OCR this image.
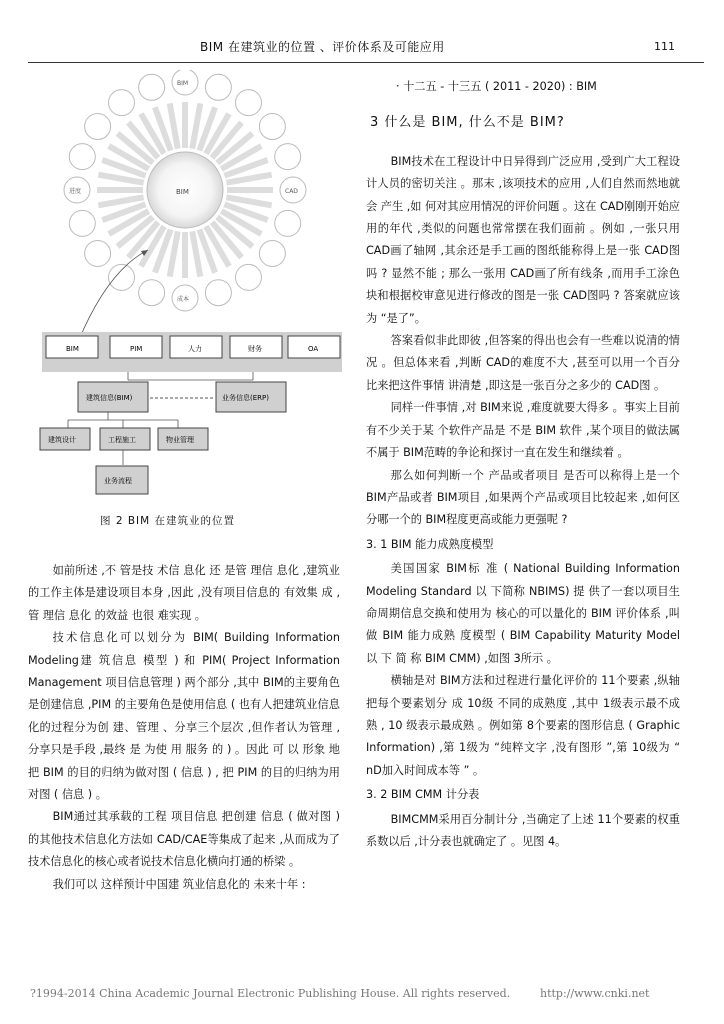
BIM 在建筑业的位置 、评价体系及可能应用	111
BIM
BIM
CAD
成本
进度
BIM	PIM	人力	财务	OA
建筑信息(BIM)	业务信息(ERP)
建筑设计	工程施工	物业管理
业务流程
图 2 BIM 在建筑业的位置

如前所述 ,不 管是技 术信 息化 还 是管 理信 息化 ,建筑业的工作主体是建设项目本身 ,因此 ,没有项目信息的 有效集 成 ,管 理信 息化 的效益 也很 难实现 。

技术信息化可以划分为 BIM( Building Information Modeling建 筑信息 模型 ) 和 PIM( Project Information Management 项目信息管理 ) 两个部分 ,其中 BIM的主要角色是创建信息 ,PIM 的主要角色是使用信息 ( 也有人把建筑业信息化的过程分为创 建、管理 、分享三个层次 ,但作者认为管理 ,分享只是手段 ,最终 是 为使 用 服务 的 ) 。因此 可 以 形象 地 把 BIM 的目的归纳为做对图 ( 信息 ) , 把 PIM 的目的归纳为用对图 ( 信息 ) 。

BIM通过其承载的工程 项目信息 把创建 信息 ( 做对图 ) 的其他技术信息化方法如 CAD/CAE等集成了起来 ,从而成为了技术信息化的核心或者说技术信息化横向打通的桥梁 。

我们可以 这样预计中国建 筑业信息化的 未来十年 :

· 十二五 - 十三五 ( 2011 - 2020) : BIM

3 什么是 BIM, 什么不是 BIM?

BIM技术在工程设计中日异得到广泛应用 ,受到广大工程设计人员的密切关注 。那末 ,该项技术的应用 ,人们自然而然地就会 产生 ,如 何对其应用情况的评价问题 。这在 CAD刚刚开始应用的年代 ,类似的问题也常常摆在我们面前 。例如 ,一张只用 CAD画了轴网 ,其余还是手工画的图纸能称得上是一张 CAD图吗 ? 显然不能 ; 那么一张用 CAD画了所有线条 ,而用手工涂色块和根据校审意见进行修改的图是一张 CAD图吗 ? 答案就应该为 “是了”。

答案看似非此即彼 ,但答案的得出也会有一些难以说清的情况 。但总体来看 ,判断 CAD的难度不大 ,甚至可以用一个百分 比来把这件事情 讲清楚 ,即这是一张百分之多少的 CAD图 。

同样一件事情 ,对 BIM来说 ,难度就要大得多 。事实上目前有不少关于某 个软件产品是 不是 BIM 软件 ,某个项目的做法属不属于 BIM范畴的争论和探讨一直在发生和继续着 。

那么如何判断一个 产品或者项目 是否可以称得上是一个 BIM产品或者 BIM项目 ,如果两个产品或项目比较起来 ,如何区分哪一个的 BIM程度更高或能力更强呢 ?

3. 1 BIM 能力成熟度模型

美国国家 BIM标 准 ( National Building Information Modeling Standard 以 下简称 NBIMS) 提 供了一套以项目生命周期信息交换和使用为 核心的可以量化的 BIM 评价体系 ,叫做 BIM 能力成熟 度模型 ( BIM Capability Maturity Model 以 下 简 称 BIM CMM) ,如图 3所示 。

横轴是对 BIM方法和过程进行量化评价的 11个要素 ,纵轴 把每个要素划分 成 10级 不同的成熟度 ,其中 1级表示最不成 熟 , 10 级表示最成熟 。例如第 8个要素的图形信息 ( Graphic Information) ,第 1级为 “纯粹文字 ,没有图形 ”,第 10级为 “ nD加入时间成本等 ” 。

3. 2 BIM CMM 计分表

BIMCMM采用百分制计分 ,当确定了上述 11个要素的权重系数以后 ,计分表也就确定了 。见图 4。

?1994-2014 China Academic Journal Electronic Publishing House. All rights reserved.	http://www.cnki.net
